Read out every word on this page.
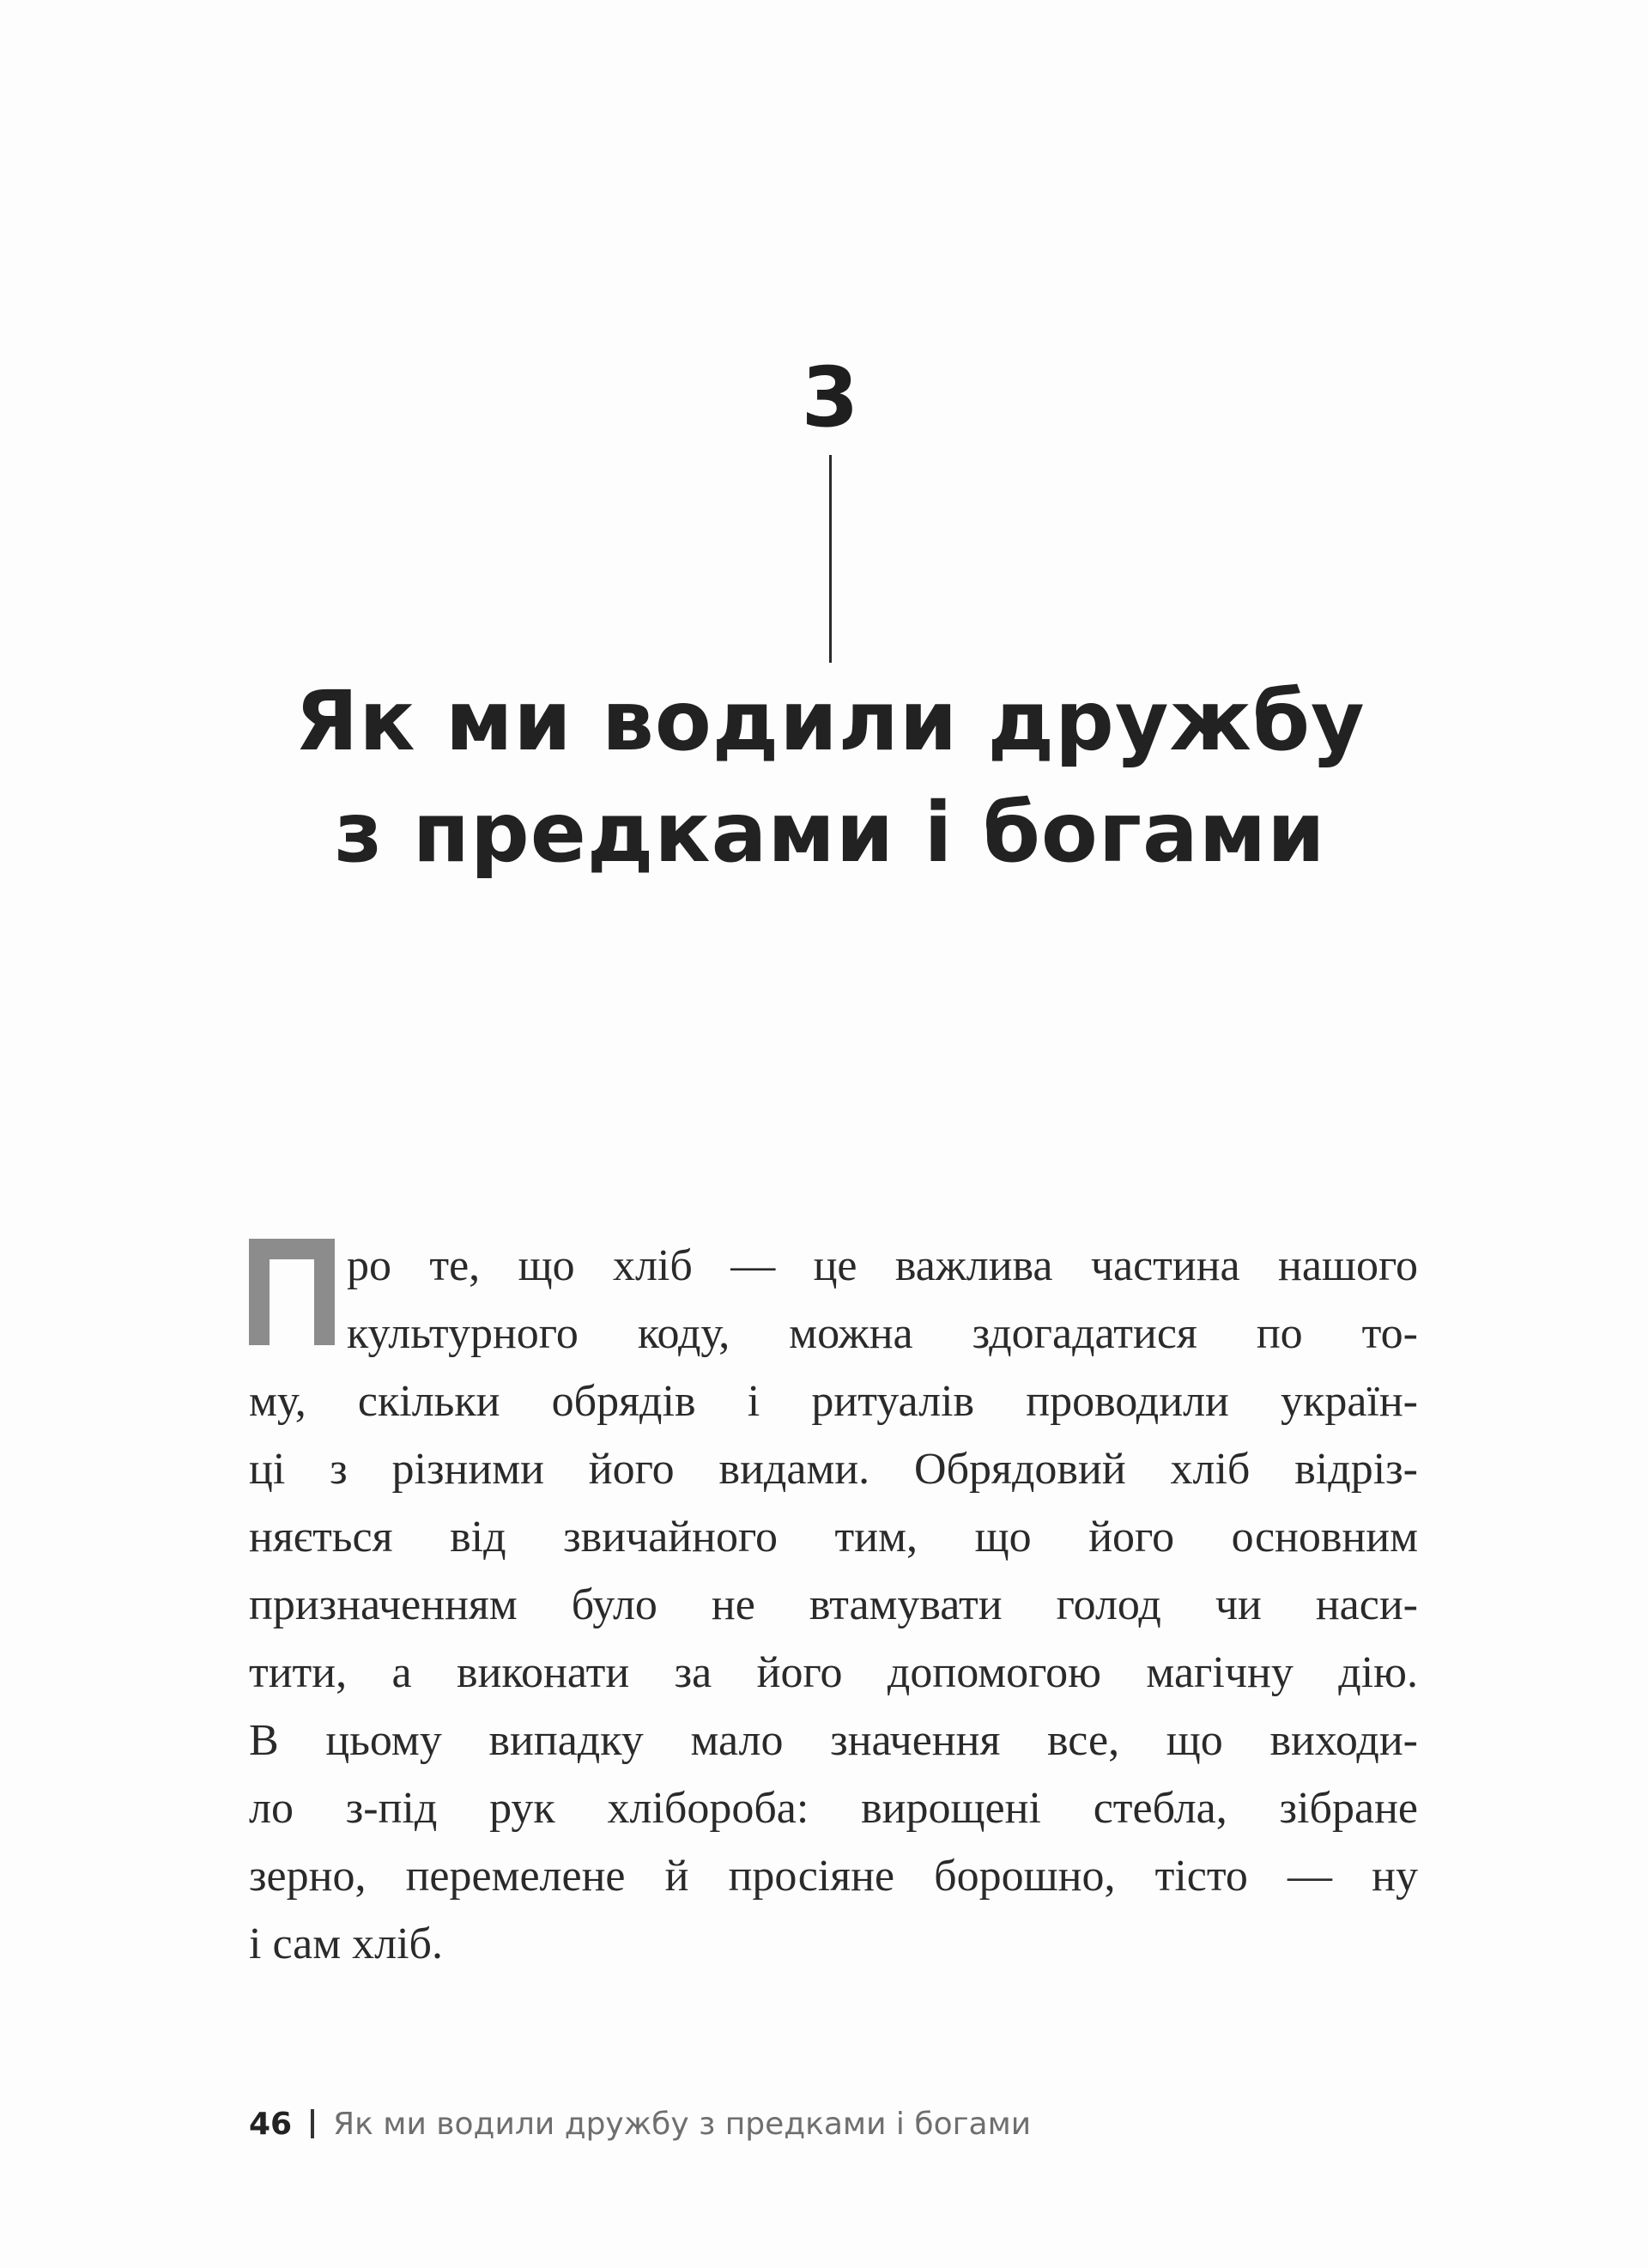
3
Як ми водили дружбу
з предками і богами
ро те, що хліб — це важлива частина нашого
культурного коду, можна здогадатися по то-
му, скільки обрядів і ритуалів проводили україн-
ці з різними його видами. Обрядовий хліб відріз-
няється від звичайного тим, що його основним
призначенням було не втамувати голод чи наси-
тити, а виконати за його допомогою магічну дію.
В цьому випадку мало значення все, що виходи-
ло з-під рук хлібороба: вирощені стебла, зібране
зерно, перемелене й просіяне борошно, тісто — ну
і сам хліб.
46 Як ми водили дружбу з предками і богами
